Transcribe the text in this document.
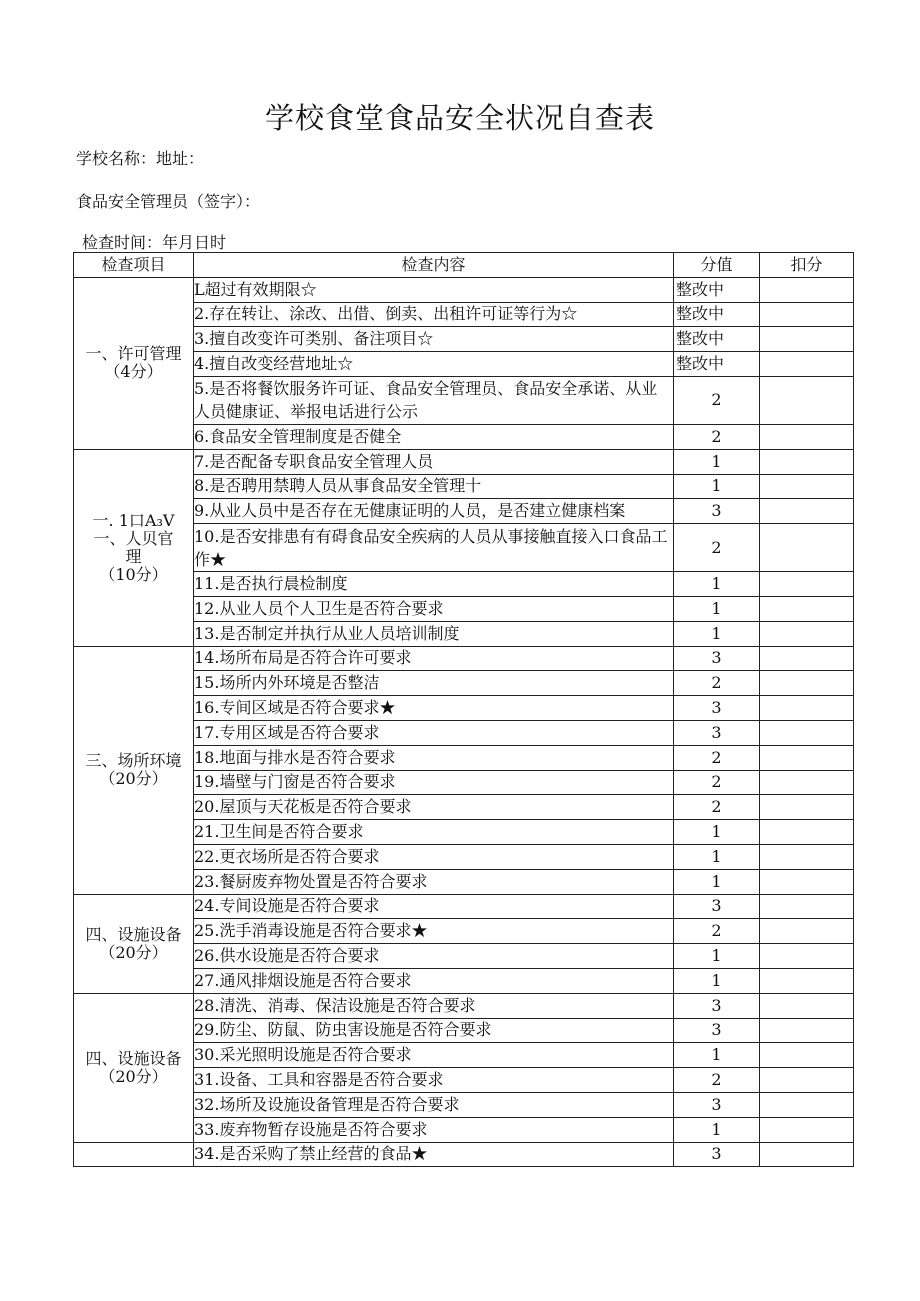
学校食堂食品安全状况自查表
学校名称：地址：
食品安全管理员（签字）：
检查时间：年月日时
检查项目	检查内容	分值	扣分

一、许可管理
（4分）	L超过有效期限☆	整改中	
	2.存在转让、涂改、出借、倒卖、出租许可证等行为☆	整改中	
	3.擅自改变许可类别、备注项目☆	整改中	
	4.擅自改变经营地址☆	整改中	
	5.是否将餐饮服务许可证、食品安全管理员、食品安全承诺、从业人员健康证、举报电话进行公示	2	
	6.食品安全管理制度是否健全	2	

一. 1口A₃V
一、人贝官
理
（10分）	7.是否配备专职食品安全管理人员	1	
	8.是否聘用禁聘人员从事食品安全管理十	1	
	9.从业人员中是否存在无健康证明的人员，是否建立健康档案	3	
	10.是否安排患有有碍食品安全疾病的人员从事接触直接入口食品工作★	2	
	11.是否执行晨检制度	1	
	12.从业人员个人卫生是否符合要求	1	
	13.是否制定并执行从业人员培训制度	1	

三、场所环境
（20分）	14.场所布局是否符合许可要求	3	
	15.场所内外环境是否整洁	2	
	16.专间区域是否符合要求★	3	
	17.专用区域是否符合要求	3	
	18.地面与排水是否符合要求	2	
	19.墙壁与门窗是否符合要求	2	
	20.屋顶与天花板是否符合要求	2	
	21.卫生间是否符合要求	1	
	22.更衣场所是否符合要求	1	
	23.餐厨废弃物处置是否符合要求	1	

四、设施设备
（20分）	24.专间设施是否符合要求	3	
	25.洗手消毒设施是否符合要求★	2	
	26.供水设施是否符合要求	1	
	27.通风排烟设施是否符合要求	1	

四、设施设备
（20分）	28.清洗、消毒、保洁设施是否符合要求	3	
	29.防尘、防鼠、防虫害设施是否符合要求	3	
	30.采光照明设施是否符合要求	1	
	31.设备、工具和容器是否符合要求	2	
	32.场所及设施设备管理是否符合要求	3	
	33.废弃物暂存设施是否符合要求	1	
	34.是否采购了禁止经营的食品★	3	
